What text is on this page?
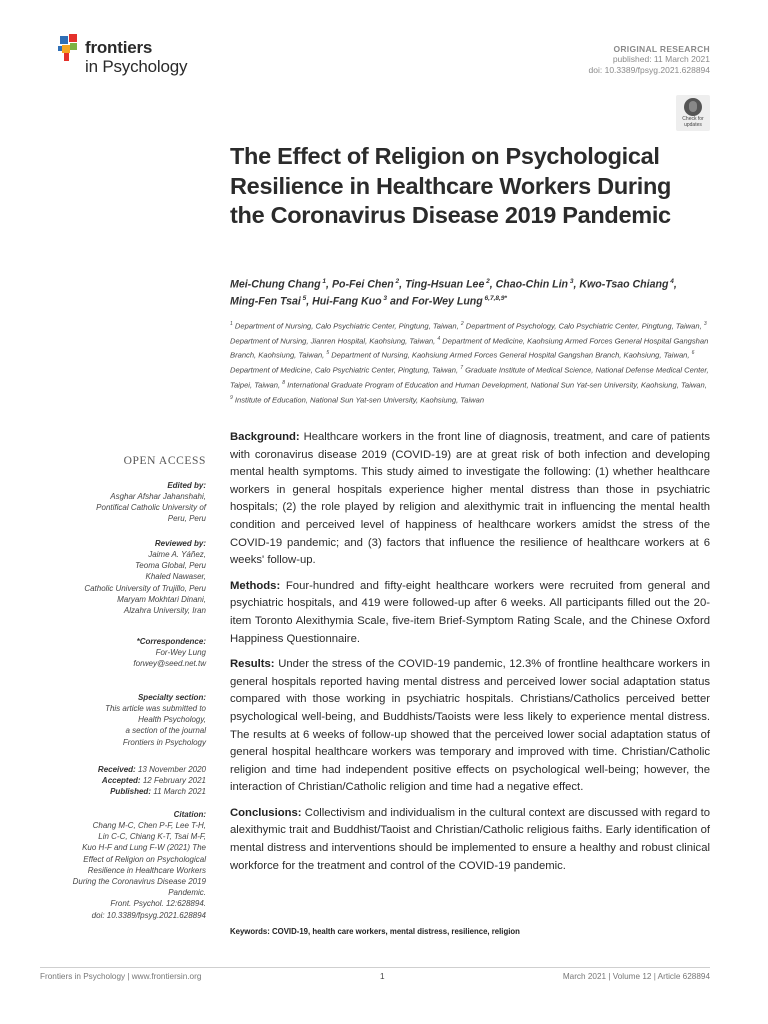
frontiers
in Psychology
ORIGINAL RESEARCH
published: 11 March 2021
doi: 10.3389/fpsyg.2021.628894
Check for
updates
The Effect of Religion on Psychological Resilience in Healthcare Workers During the Coronavirus Disease 2019 Pandemic
Mei-Chung Chang $^1$, Po-Fei Chen $^2$, Ting-Hsuan Lee $^2$, Chao-Chin Lin $^3$, Kwo-Tsao Chiang $^4$,
Ming-Fen Tsai $^5$, Hui-Fang Kuo $^3$ and For-Wey Lung $^{6,7,8,9*}$
$^1$ Department of Nursing, Calo Psychiatric Center, Pingtung, Taiwan, $^2$ Department of Psychology, Calo Psychiatric Center, Pingtung, Taiwan, $^3$ Department of Nursing, Jianren Hospital, Kaohsiung, Taiwan, $^4$ Department of Medicine, Kaohsiung Armed Forces General Hospital Gangshan Branch, Kaohsiung, Taiwan, $^5$ Department of Nursing, Kaohsiung Armed Forces General Hospital Gangshan Branch, Kaohsiung, Taiwan, $^6$ Department of Medicine, Calo Psychiatric Center, Pingtung, Taiwan, $^7$ Graduate Institute of Medical Science, National Defense Medical Center, Taipei, Taiwan, $^8$ International Graduate Program of Education and Human Development, National Sun Yat-sen University, Kaohsiung, Taiwan, $^9$ Institute of Education, National Sun Yat-sen University, Kaohsiung, Taiwan
OPEN ACCESS
Edited by:
Asghar Afshar Jahanshahi,
Pontifical Catholic University of
Peru, Peru
Reviewed by:
Jaime A. Yáñez,
Teoma Global, Peru
Khaled Nawaser,
Catholic University of Trujillo, Peru
Maryam Mokhtari Dinani,
Alzahra University, Iran
*Correspondence:
For-Wey Lung
forwey@seed.net.tw
Specialty section:
This article was submitted to
Health Psychology,
a section of the journal
Frontiers in Psychology
Received: 13 November 2020
Accepted: 12 February 2021
Published: 11 March 2021
Citation:
Chang M-C, Chen P-F, Lee T-H,
Lin C-C, Chiang K-T, Tsai M-F,
Kuo H-F and Lung F-W (2021) The
Effect of Religion on Psychological
Resilience in Healthcare Workers
During the Coronavirus Disease 2019
Pandemic.
Front. Psychol. 12:628894.
doi: 10.3389/fpsyg.2021.628894

Background: Healthcare workers in the front line of diagnosis, treatment, and care of patients with coronavirus disease 2019 (COVID-19) are at great risk of both infection and developing mental health symptoms. This study aimed to investigate the following: (1) whether healthcare workers in general hospitals experience higher mental distress than those in psychiatric hospitals; (2) the role played by religion and alexithymic trait in influencing the mental health condition and perceived level of happiness of healthcare workers amidst the stress of the COVID-19 pandemic; and (3) factors that influence the resilience of healthcare workers at 6 weeks' follow-up.

Methods: Four-hundred and fifty-eight healthcare workers were recruited from general and psychiatric hospitals, and 419 were followed-up after 6 weeks. All participants filled out the 20-item Toronto Alexithymia Scale, five-item Brief-Symptom Rating Scale, and the Chinese Oxford Happiness Questionnaire.

Results: Under the stress of the COVID-19 pandemic, 12.3% of frontline healthcare workers in general hospitals reported having mental distress and perceived lower social adaptation status compared with those working in psychiatric hospitals. Christians/Catholics perceived better psychological well-being, and Buddhists/Taoists were less likely to experience mental distress. The results at 6 weeks of follow-up showed that the perceived lower social adaptation status of general hospital healthcare workers was temporary and improved with time. Christian/Catholic religion and time had independent positive effects on psychological well-being; however, the interaction of Christian/Catholic religion and time had a negative effect.

Conclusions: Collectivism and individualism in the cultural context are discussed with regard to alexithymic trait and Buddhist/Taoist and Christian/Catholic religious faiths. Early identification of mental distress and interventions should be implemented to ensure a healthy and robust clinical workforce for the treatment and control of the COVID-19 pandemic.

Keywords: COVID-19, health care workers, mental distress, resilience, religion
Frontiers in Psychology | www.frontiersin.org	1	March 2021 | Volume 12 | Article 628894
